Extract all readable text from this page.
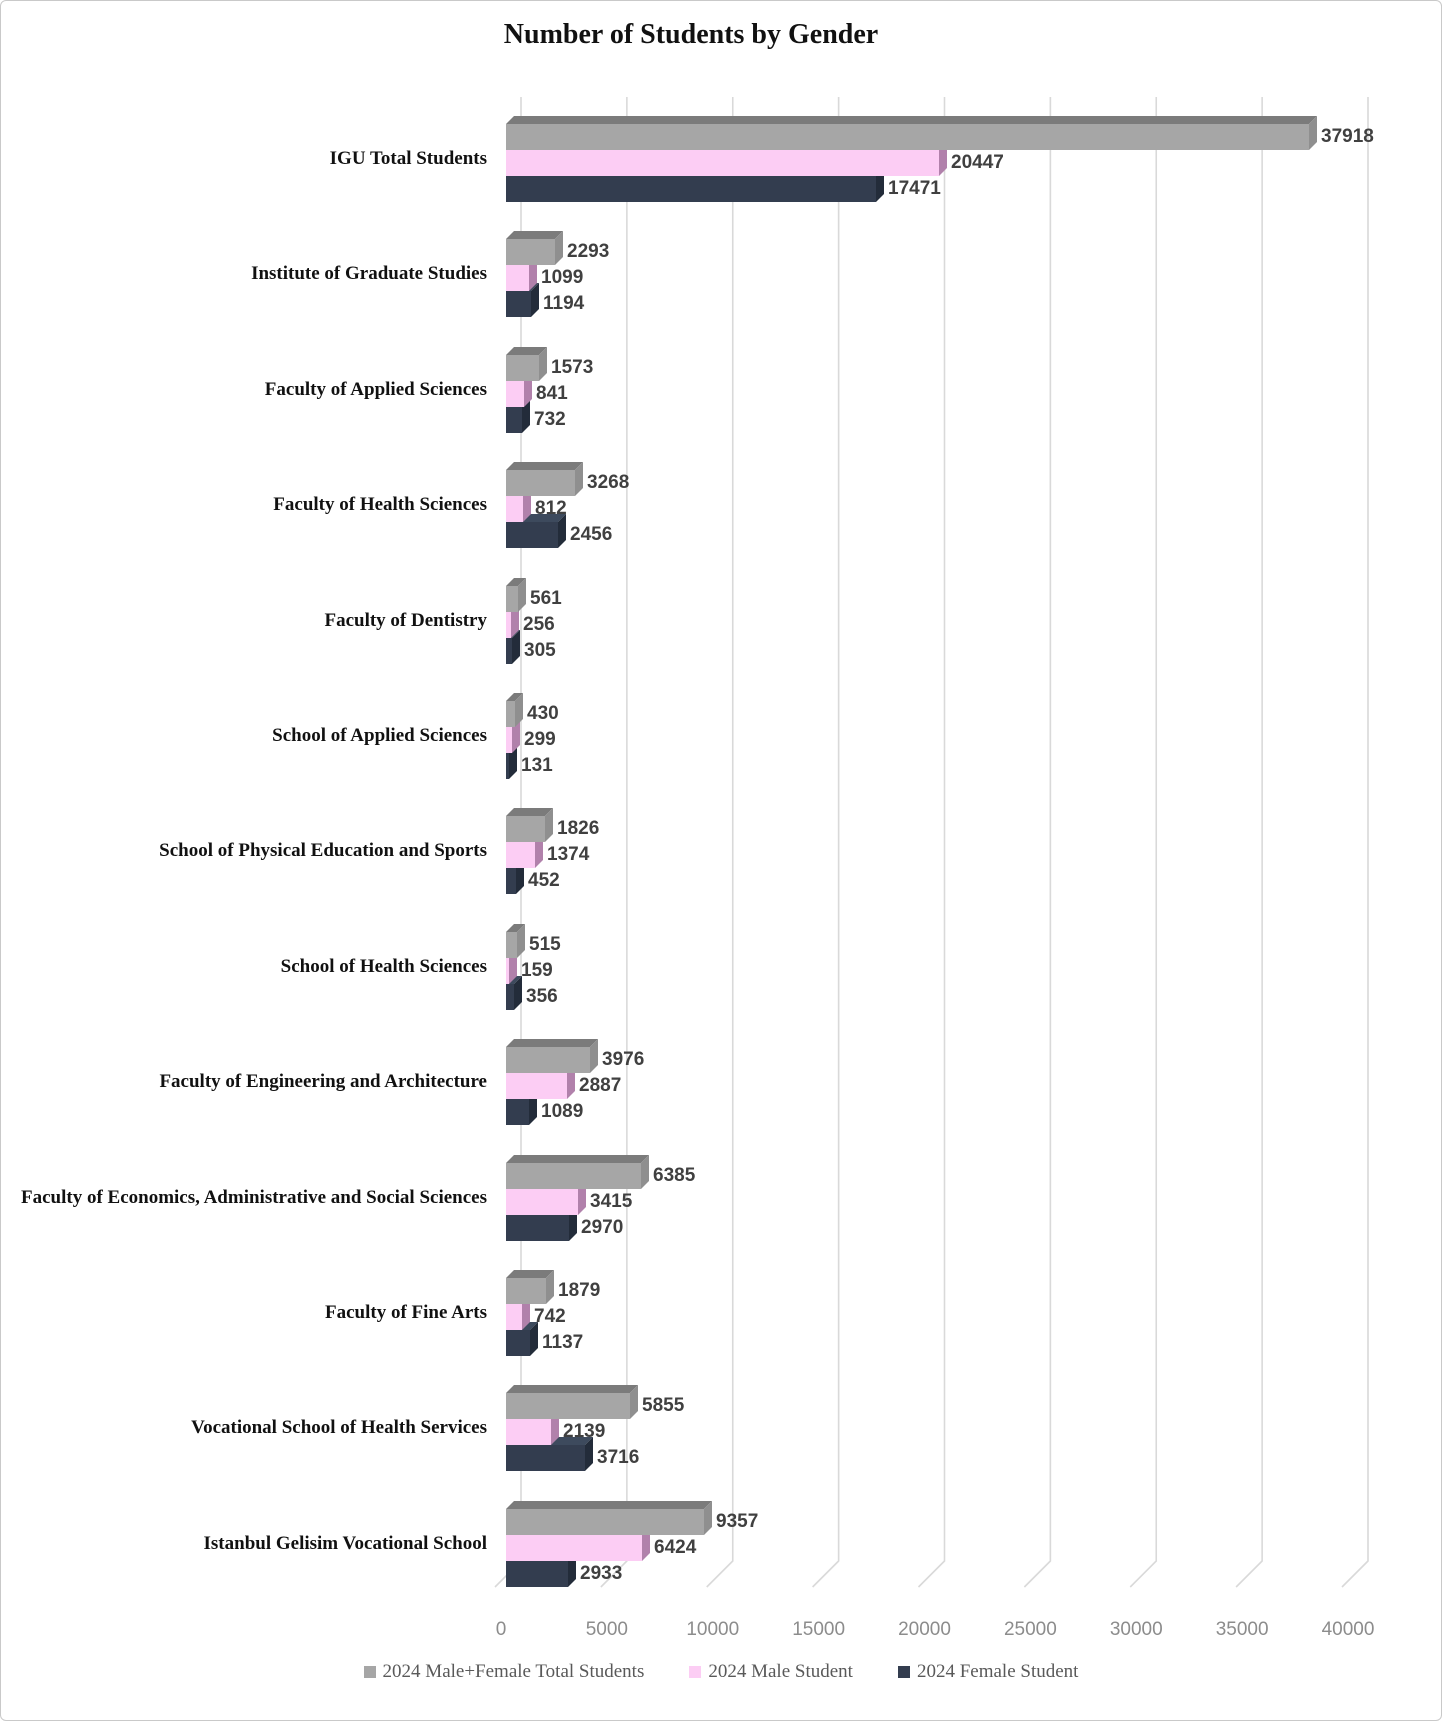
Number of Students by Gender
IGU Total Students
37918
20447
17471
Institute of Graduate Studies
2293
1099
1194
Faculty of Applied Sciences
1573
841
732
Faculty of Health Sciences
3268
812
2456
Faculty of Dentistry
561
256
305
School of Applied Sciences
430
299
131
School of Physical Education and Sports
1826
1374
452
School of Health Sciences
515
159
356
Faculty of Engineering and Architecture
3976
2887
1089
Faculty of Economics, Administrative and Social Sciences
6385
3415
2970
Faculty of Fine Arts
1879
742
1137
Vocational School of Health Services
5855
2139
3716
Istanbul Gelisim Vocational School
9357
6424
2933
0	5000	10000	15000	20000	25000	30000	35000	40000
2024 Male+Female Total Students	2024 Male Student	2024 Female Student
